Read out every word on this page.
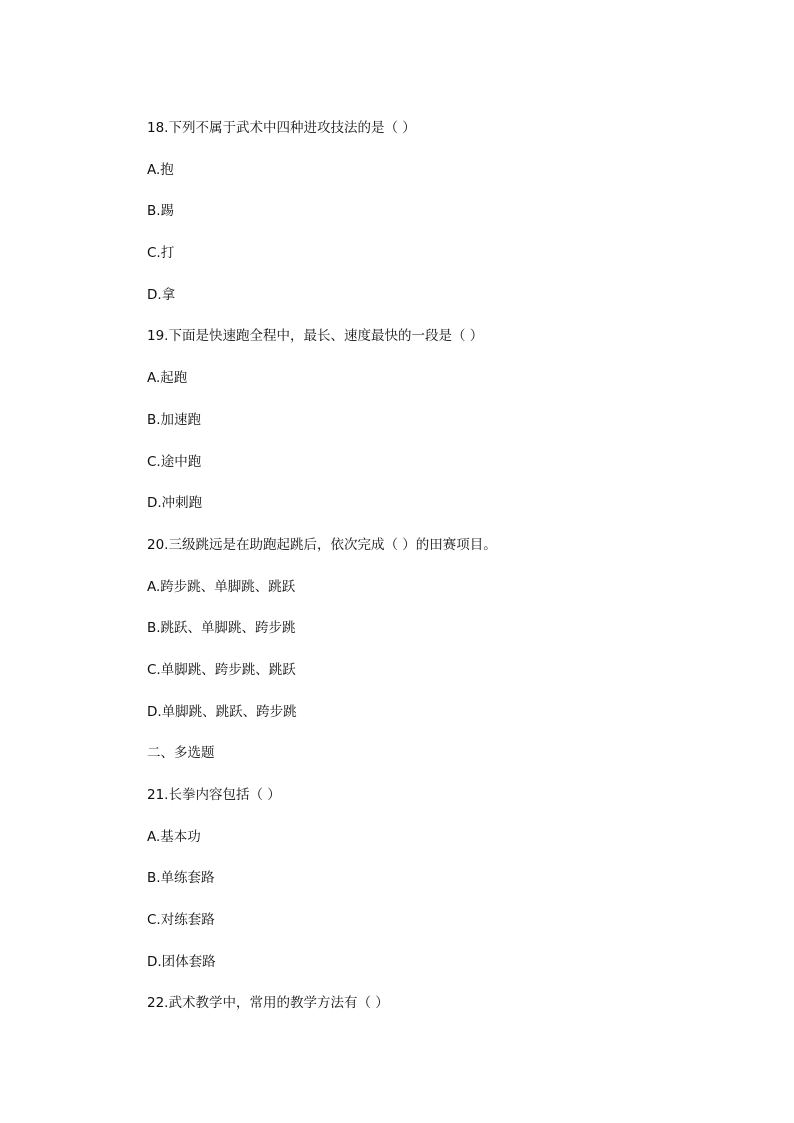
18.下列不属于武术中四种进攻技法的是（ ）
A.抱
B.踢
C.打
D.拿
19.下面是快速跑全程中，最长、速度最快的一段是（ ）
A.起跑
B.加速跑
C.途中跑
D.冲刺跑
20.三级跳远是在助跑起跳后，依次完成（ ）的田赛项目。
A.跨步跳、单脚跳、跳跃
B.跳跃、单脚跳、跨步跳
C.单脚跳、跨步跳、跳跃
D.单脚跳、跳跃、跨步跳
二、多选题
21.长拳内容包括（ ）
A.基本功
B.单练套路
C.对练套路
D.团体套路
22.武术教学中，常用的教学方法有（ ）
